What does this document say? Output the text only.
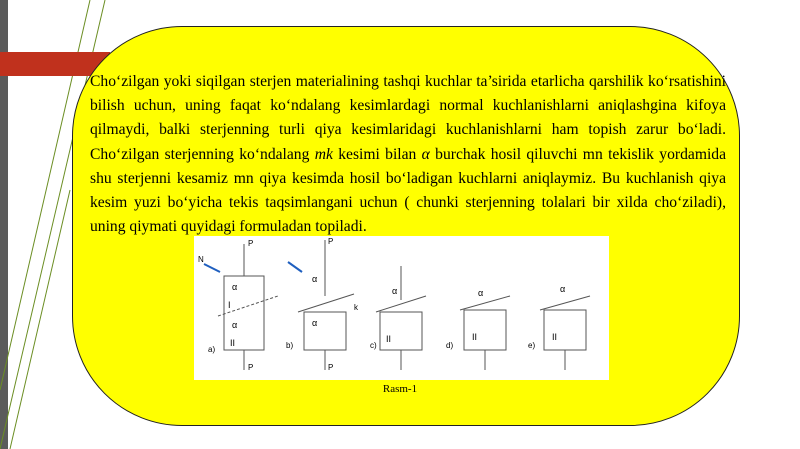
Cho‘zilgan yoki siqilgan sterjen materialining tashqi kuchlar ta’sirida etarlicha qarshilik ko‘rsatishini bilish uchun, uning faqat ko‘ndalang kesimlardagi normal kuchlanishlarni aniqlashgina kifoya qilmaydi, balki sterjenning turli qiya kesimlaridagi kuchlanishlarni ham topish zarur bo‘ladi. Cho‘zilgan sterjenning ko‘ndalang mk kesimi bilan α burchak hosil qiluvchi mn tekislik yordamida shu sterjenni kesamiz mn qiya kesimda hosil bo‘ladigan kuchlarni aniqlaymiz. Bu kuchlanish qiya kesim yuzi bo‘yicha tekis taqsimlangani uchun ( chunki sterjenning tolalari bir xilda cho‘ziladi), uning qiymati quyidagi formuladan topiladi.
α
α
I
II
P
P
N
a)
α
α
P
P
k
b)
α
II
c)
α
II
d)
α
II
e)
Rasm-1
